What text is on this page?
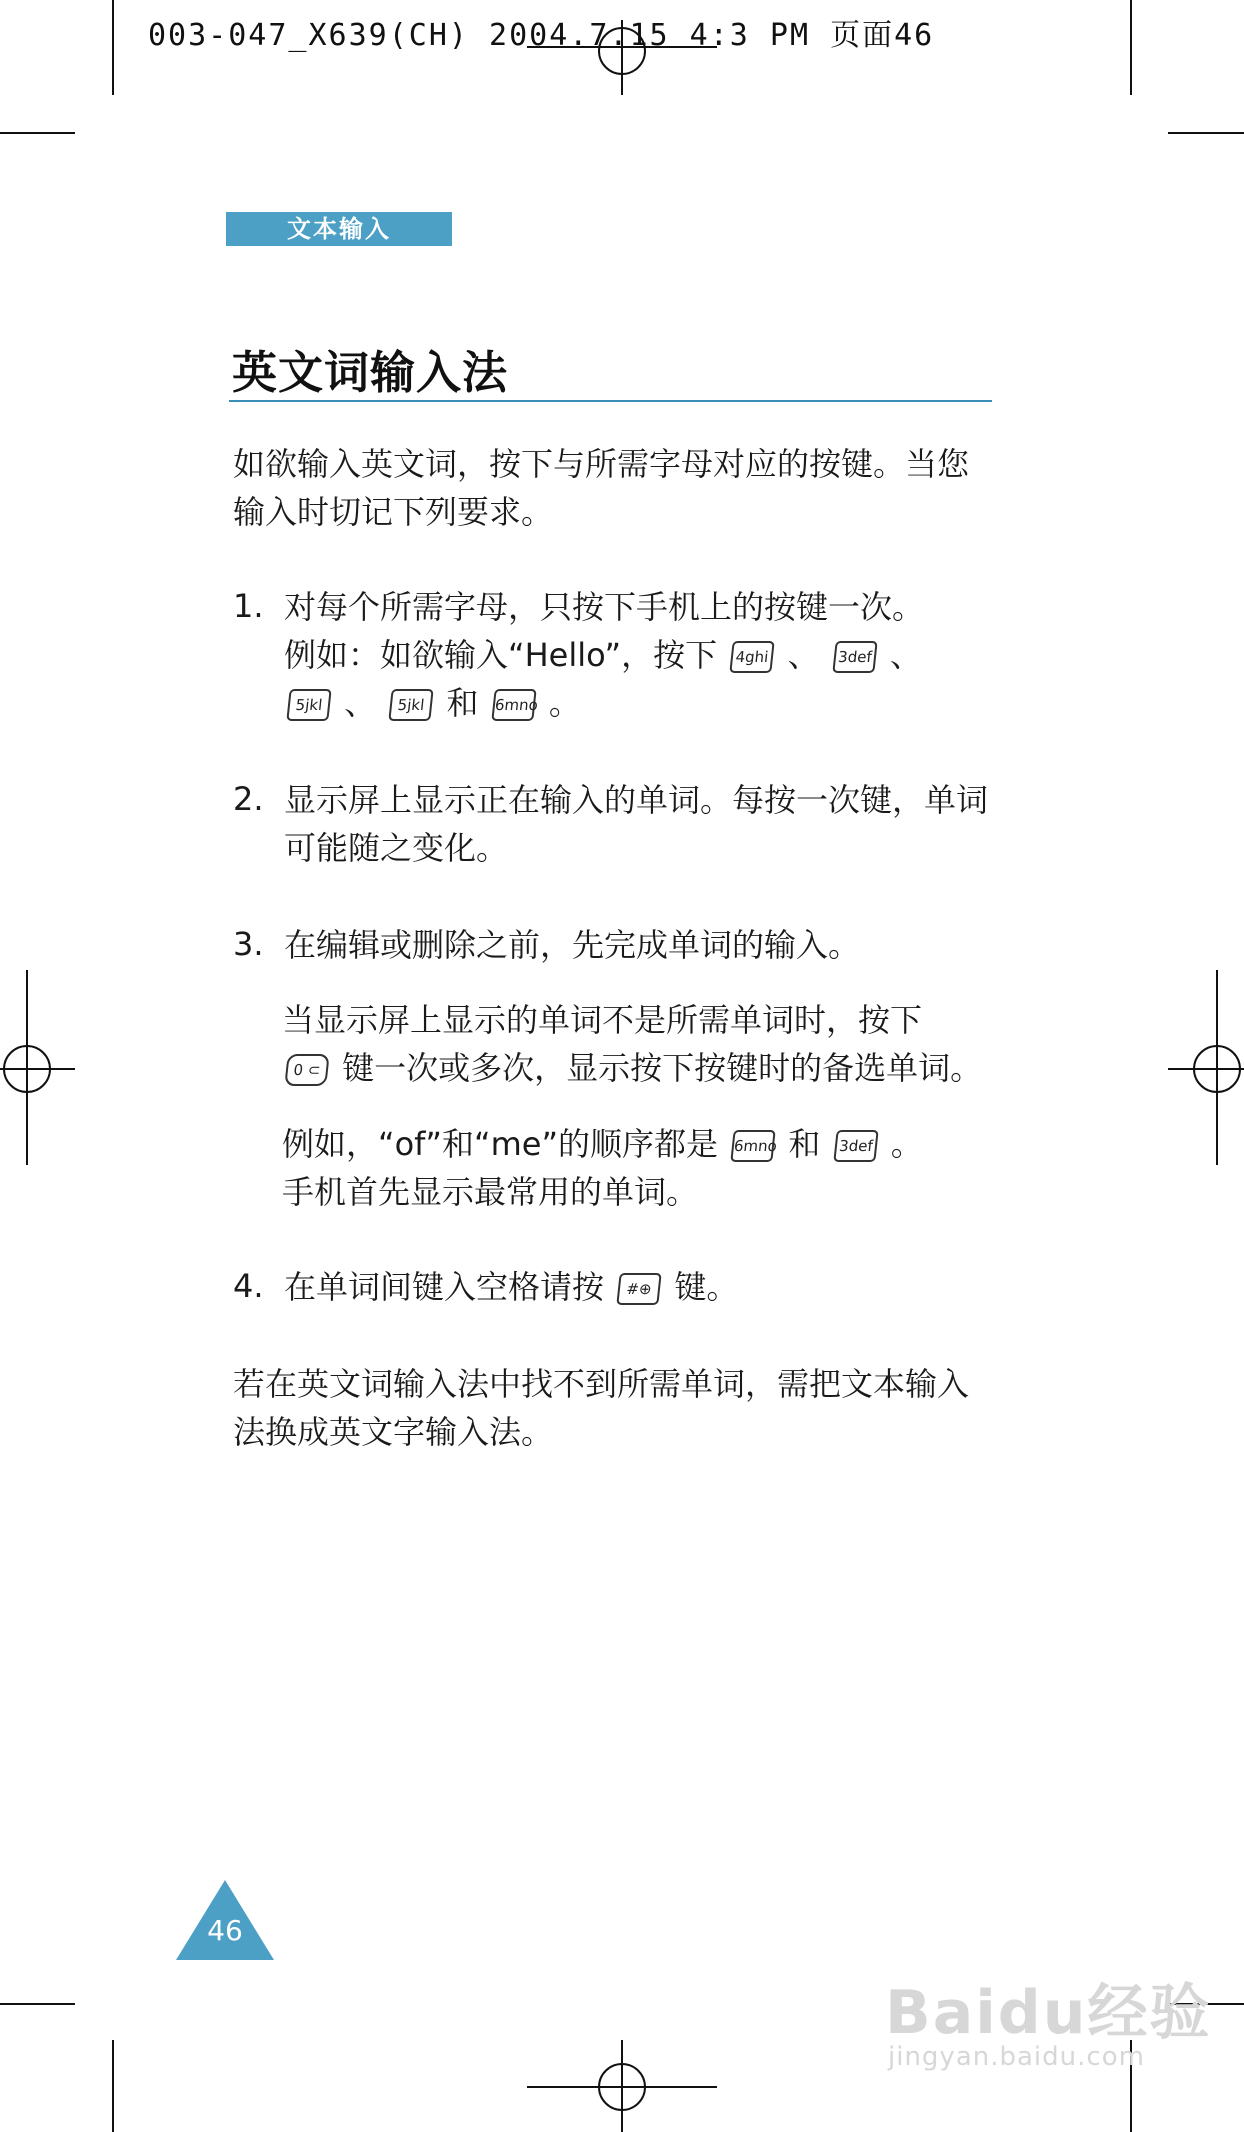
003-047_X639(CH) 2004.7.15 4:3 PM 页面46
文本输入
英文词输入法
如欲输入英文词，按下与所需字母对应的按键。当您
输入时切记下列要求。
1. 对每个所需字母，只按下手机上的按键一次。
例如：如欲输入“Hello”，按下 4ghi 、 3def 、
5jkl 、 5jkl 和 6mno 。
2. 显示屏上显示正在输入的单词。每按一次键，单词
可能随之变化。
3. 在编辑或删除之前，先完成单词的输入。
当显示屏上显示的单词不是所需单词时，按下
0 ⊂ 键一次或多次，显示按下按键时的备选单词。
例如，“of”和“me”的顺序都是 6mno 和 3def 。
手机首先显示最常用的单词。
4. 在单词间键入空格请按 #⊕ 键。
若在英文词输入法中找不到所需单词，需把文本输入
法换成英文字输入法。
46
Baidu经验
jingyan.baidu.com
